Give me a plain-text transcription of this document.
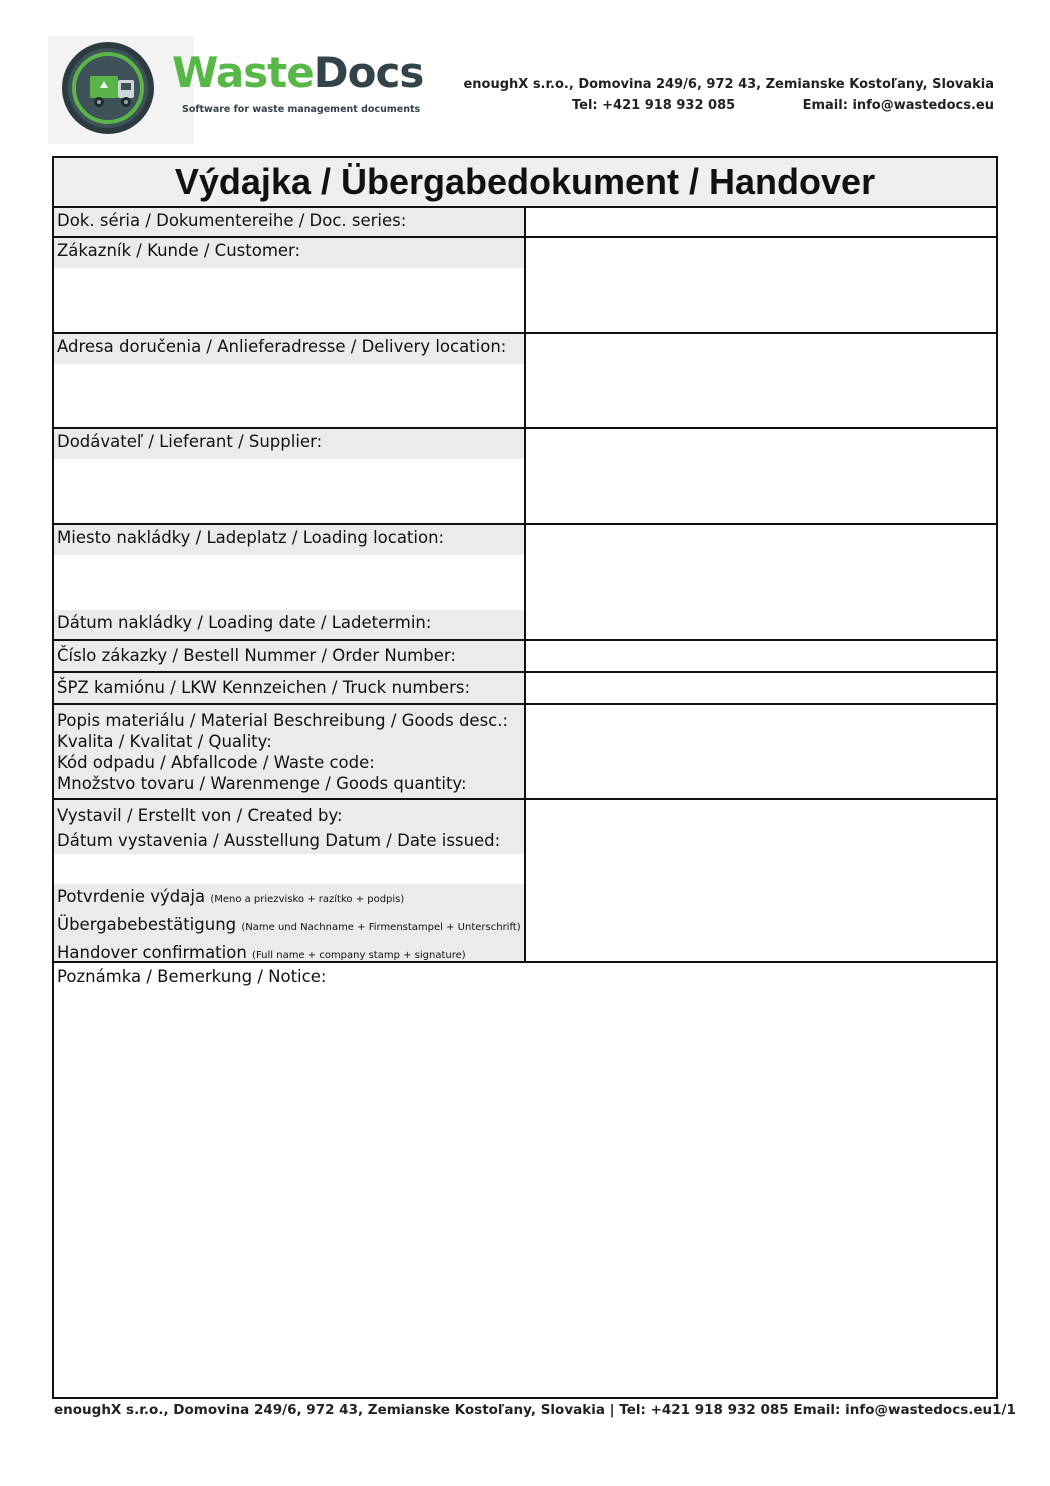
WasteDocs
Software for waste management documents
enoughX s.r.o., Domovina 249/6, 972 43, Zemianske Kostoľany, Slovakia
Tel: +421 918 932 085	Email: info@wastedocs.eu
Výdajka / Übergabedokument / Handover
Dok. séria / Dokumentereihe / Doc. series:
Zákazník / Kunde / Customer:
Adresa doručenia / Anlieferadresse / Delivery location:
Dodávateľ / Lieferant / Supplier:
Miesto nakládky / Ladeplatz / Loading location:
Dátum nakládky / Loading date / Ladetermin:
Číslo zákazky / Bestell Nummer / Order Number:
ŠPZ kamiónu / LKW Kennzeichen / Truck numbers:
Popis materiálu / Material Beschreibung / Goods desc.:
Kvalita / Kvalitat / Quality:
Kód odpadu / Abfallcode / Waste code:
Množstvo tovaru / Warenmenge / Goods quantity:
Vystavil / Erstellt von / Created by:
Dátum vystavenia / Ausstellung Datum / Date issued:
Potvrdenie výdaja (Meno a priezvisko + razítko + podpis)
Übergabebestätigung (Name und Nachname + Firmenstampel + Unterschrift)
Handover confirmation (Full name + company stamp + signature)
Poznámka / Bemerkung / Notice:
enoughX s.r.o., Domovina 249/6, 972 43, Zemianske Kostoľany, Slovakia | Tel: +421 918 932 085 Email: info@wastedocs.eu 1/1
